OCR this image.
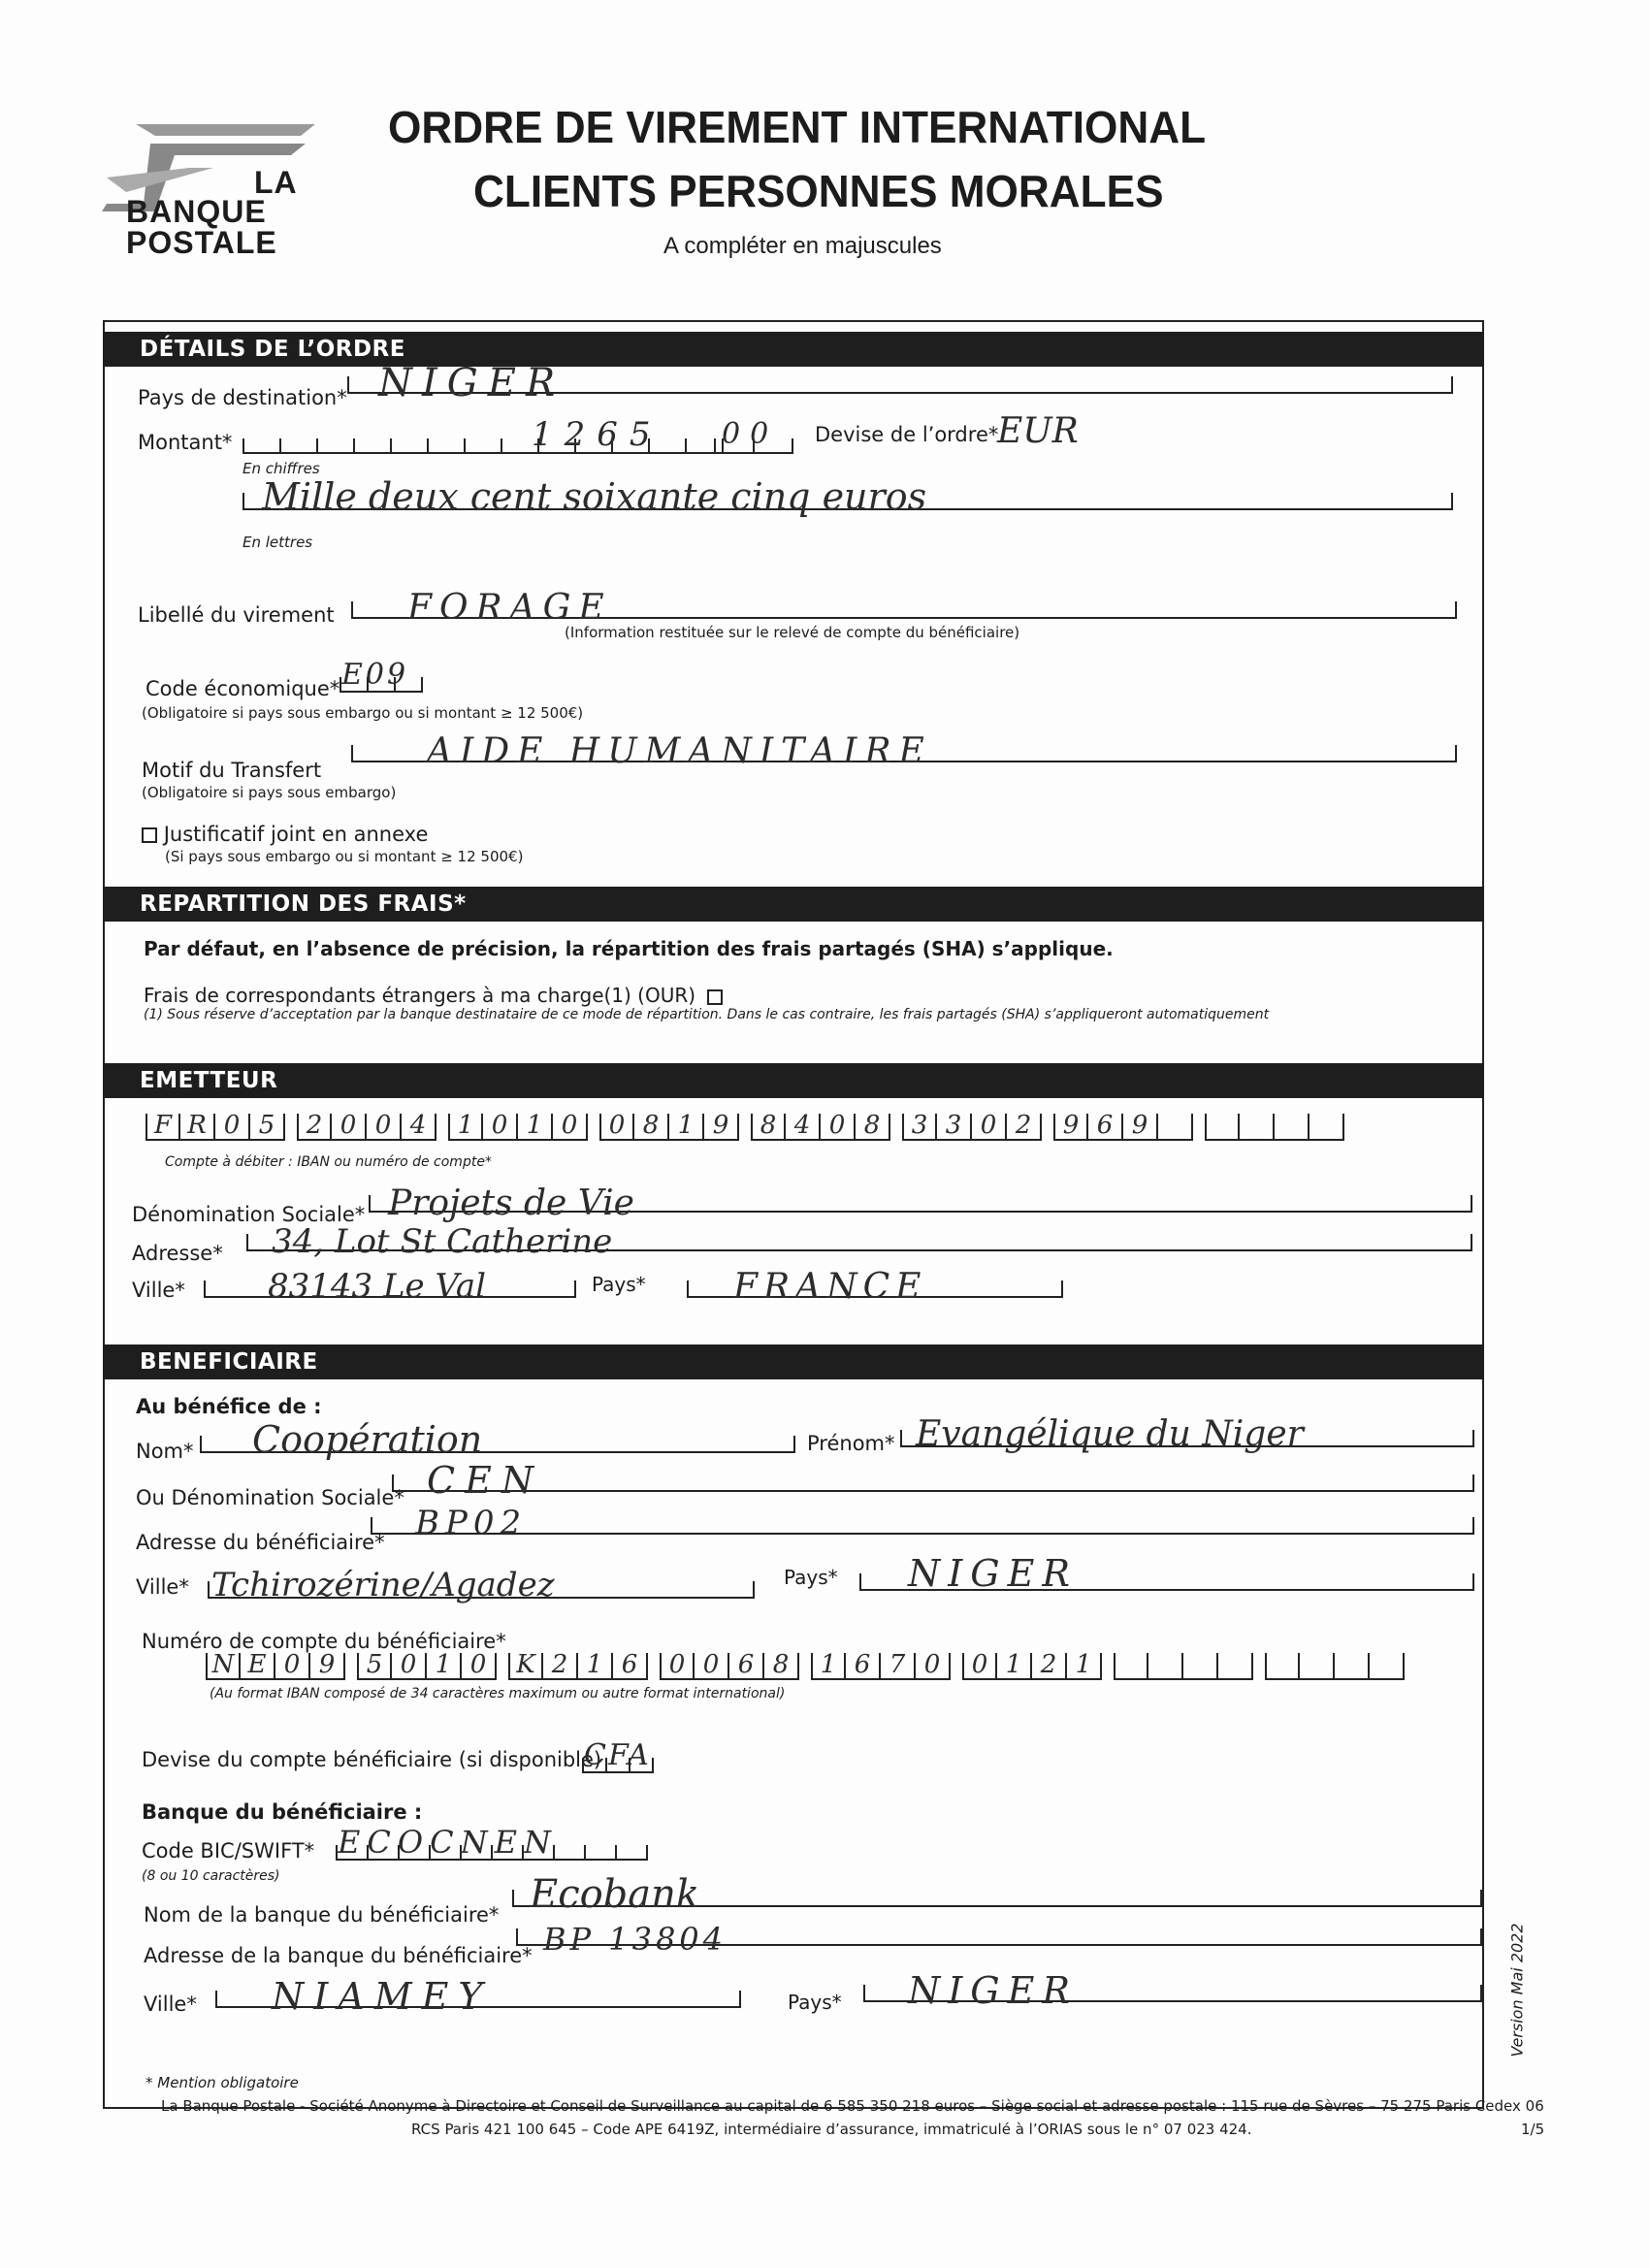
LA
BANQUE
POSTALE
ORDRE DE VIREMENT INTERNATIONAL
CLIENTS PERSONNES MORALES
A compléter en majuscules
DÉTAILS DE L’ORDRE
Pays de destination* NIGER
Montant*	1265 00 Devise de l’ordre*
EUR
En chiffres
Mille deux cent soixante cinq euros
En lettres
Libellé du virement FORAGE
(Information restituée sur le relevé de compte du bénéficiaire)
Code économique* E09
(Obligatoire si pays sous embargo ou si montant ≥ 12 500€)
Motif du Transfert	AIDE HUMANITAIRE
(Obligatoire si pays sous embargo)
Justificatif joint en annexe
(Si pays sous embargo ou si montant ≥ 12 500€)
REPARTITION DES FRAIS*
Par défaut, en l’absence de précision, la répartition des frais partagés (SHA) s’applique.
Frais de correspondants étrangers à ma charge(1) (OUR)
(1) Sous réserve d’acceptation par la banque destinataire de ce mode de répartition. Dans le cas contraire, les frais partagés (SHA) s’appliqueront automatiquement
EMETTEUR
F R 0 5	2 0 0 4	1 0 1 0	0 8 1 9	8 4 0 8	3 3 0 2	9 6 9
Compte à débiter : IBAN ou numéro de compte*
Dénomination Sociale* Projets de Vie
Adresse* 34, Lot St Catherine
Ville*	83143 Le Val	Pays*	FRANCE
BENEFICIAIRE
Au bénéfice de :
Nom* Coopération	Prénom* Evangélique du Niger
Ou Dénomination Sociale* CEN
Adresse du bénéficiaire* BP02
Ville* Tchirozérine/Agadez	Pays* NIGER
Numéro de compte du bénéficiaire*
N E 0 9	5 0 1 0	K 2 1 6	0 0 6 8	1 6 7 0	0 1 2 1
(Au format IBAN composé de 34 caractères maximum ou autre format international)
Devise du compte bénéficiaire (si disponible)
CFA
Banque du bénéficiaire :
Code BIC/SWIFT* ECOCNEN
(8 ou 10 caractères)
Nom de la banque du bénéficiaire* Ecobank
Adresse de la banque du bénéficiaire* BP 13804
Ville* NIAMEY	Pays* NIGER
* Mention obligatoire
Version Mai 2022
La Banque Postale - Société Anonyme à Directoire et Conseil de Surveillance au capital de 6 585 350 218 euros – Siège social et adresse postale : 115 rue de Sèvres – 75 275 Paris Cedex 06
RCS Paris 421 100 645 – Code APE 6419Z, intermédiaire d’assurance, immatriculé à l’ORIAS sous le n° 07 023 424.	1/5
